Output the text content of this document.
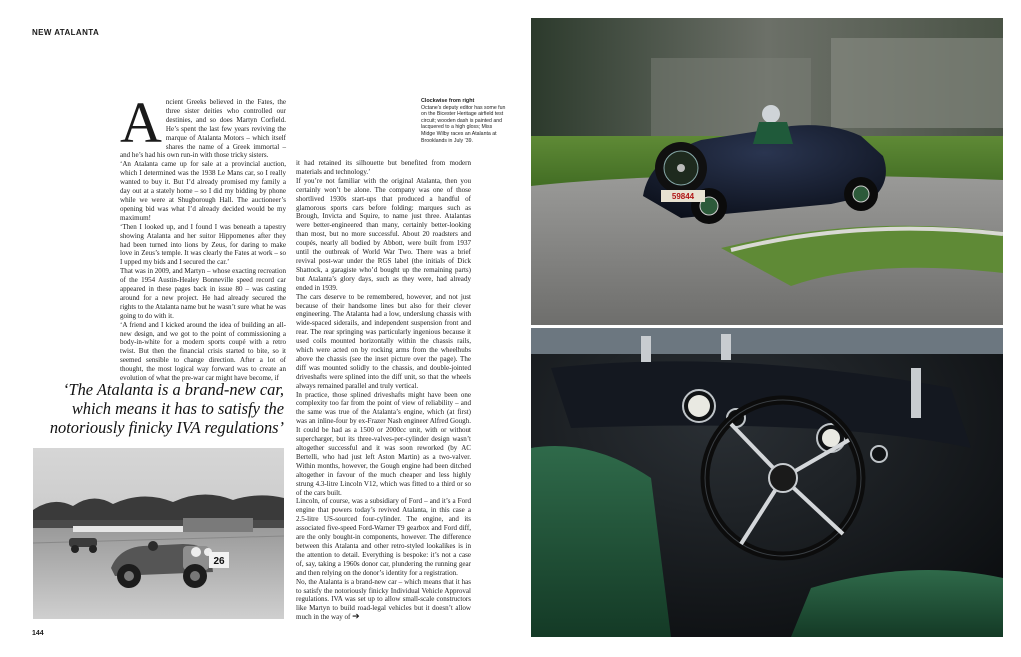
NEW ATALANTA
144

Ancient Greeks believed in the Fates, the three sister deities who controlled our destinies, and so does Martyn Corfield. He’s spent the last few years reviving the marque of Atalanta Motors – which itself shares the name of a Greek immortal – and he’s had his own run-in with those tricky sisters.

‘An Atalanta came up for sale at a provincial auction, which I determined was the 1938 Le Mans car, so I really wanted to buy it. But I’d already promised my family a day out at a stately home – so I did my bidding by phone while we were at Shugborough Hall. The auctioneer’s opening bid was what I’d already decided would be my maximum!

‘Then I looked up, and I found I was beneath a tapestry showing Atalanta and her suitor Hippomenes after they had been turned into lions by Zeus, for daring to make love in Zeus’s temple. It was clearly the Fates at work – so I upped my bids and I secured the car.’

That was in 2009, and Martyn – whose exacting recreation of the 1954 Austin-Healey Bonneville speed record car appeared in these pages back in issue 80 – was casting around for a new project. He had already secured the rights to the Atalanta name but he wasn’t sure what he was going to do with it.

‘A friend and I kicked around the idea of building an all-new design, and we got to the point of commissioning a body-in-white for a modern sports coupé with a retro twist. But then the financial crisis started to bite, so it seemed sensible to change direction. After a lot of thought, the most logical way forward was to create an evolution of what the pre-war car might have become, if

‘The Atalanta is a brand-new car, which means it has to satisfy the notoriously finicky IVA regulations’
Clockwise from right
Octane’s deputy editor has some fun on the Bicester Heritage airfield test circuit; wooden dash is painted and lacquered to a high gloss; Miss Midge Wilby races an Atalanta at Brooklands in July ’39.

it had retained its silhouette but benefited from modern materials and technology.’

If you’re not familiar with the original Atalanta, then you certainly won’t be alone. The company was one of those shortlived 1930s start-ups that produced a handful of glamorous sports cars before folding: marques such as Brough, Invicta and Squire, to name just three. Atalantas were better-engineered than many, certainly better-looking than most, but no more successful. About 20 roadsters and coupés, nearly all bodied by Abbott, were built from 1937 until the outbreak of World War Two. There was a brief revival post-war under the RGS label (the initials of Dick Shattock, a garagiste who’d bought up the remaining parts) but Atalanta’s glory days, such as they were, had already ended in 1939.

The cars deserve to be remembered, however, and not just because of their handsome lines but also for their clever engineering. The Atalanta had a low, underslung chassis with wide-spaced siderails, and independent suspension front and rear. The rear springing was particularly ingenious because it used coils mounted horizontally within the chassis rails, which were acted on by rocking arms from the wheelhubs above the chassis (see the inset picture over the page). The diff was mounted solidly to the chassis, and double-jointed driveshafts were splined into the diff unit, so that the wheels always remained parallel and truly vertical.

In practice, those splined driveshafts might have been one complexity too far from the point of view of reliability – and the same was true of the Atalanta’s engine, which (at first) was an inline-four by ex-Frazer Nash engineer Alfred Gough. It could be had as a 1500 or 2000cc unit, with or without supercharger, but its three-valves-per-cylinder design wasn’t altogether successful and it was soon reworked (by AC Bertelli, who had just left Aston Martin) as a two-valver. Within months, however, the Gough engine had been ditched altogether in favour of the much cheaper and less highly strung 4.3-litre Lincoln V12, which was fitted to a third or so of the cars built.

Lincoln, of course, was a subsidiary of Ford – and it’s a Ford engine that powers today’s revived Atalanta, in this case a 2.5-litre US-sourced four-cylinder. The engine, and its associated five-speed Ford-Warner T9 gearbox and Ford diff, are the only bought-in components, however. The difference between this Atalanta and other retro-styled lookalikes is in the attention to detail. Everything is bespoke: it’s not a case of, say, taking a 1960s donor car, plundering the running gear and then relying on the donor’s identity for a registration.

No, the Atalanta is a brand-new car – which means that it has to satisfy the notoriously finicky Individual Vehicle Approval regulations. IVA was set up to allow small-scale constructors like Martyn to build road-legal vehicles but it doesn’t allow much in the way of ➔

26
59844
